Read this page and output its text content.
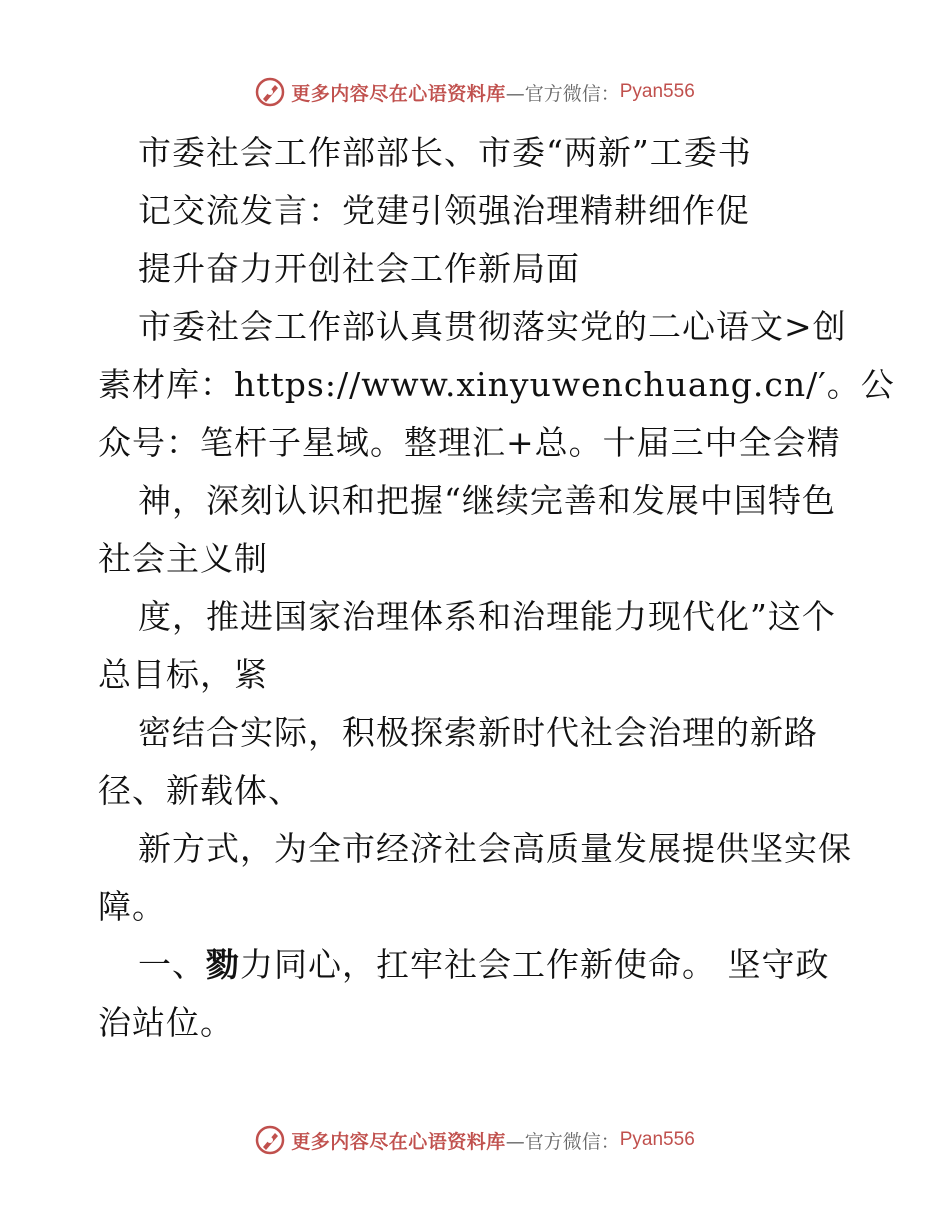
更多内容尽在心语资料库 —官方微信： Pyan556
市委社会工作部部长、市委“两新”工委书
记交流发言：党建引领强治理精耕细作促
提升奋力开创社会工作新局面
市委社会工作部认真贯彻落实党的二心语文>创
素材库：https://www.xinyuwenchuang.cn/′。公
众号：笔杆子星域。整理汇+总。十届三中全会精
神，深刻认识和把握“继续完善和发展中国特色
社会主义制
度，推进国家治理体系和治理能力现代化”这个
总目标，紧
密结合实际，积极探索新时代社会治理的新路
径、新载体、
新方式，为全市经济社会高质量发展提供坚实保
障。
一、勠力同心，扛牢社会工作新使命。 坚守政
治站位。
更多内容尽在心语资料库 —官方微信： Pyan556
